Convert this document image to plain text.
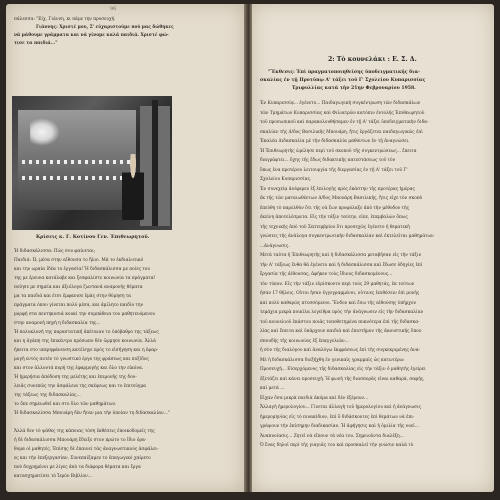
96
πάλεσσα: "Είχ, Γιάννη, κι πάμε την προσευχή.
Γιάννης: Χριστέ μου, Σ' εύχαριστούμε πού μας δώθηκες
νά μάθουμε γράμματα και νά γίνομε καλά παιδιά. Χριστέ φώ-
τισε τα παιδιά..."
Κρίσεις κ. Γ. Κοτίνου Γεν. Έπιθεωρητοῦ.
Ἡ διδασκάλισσα: Πώς σου φαίνεται;
Παιδιά: Ὦ, μέσα στην αἴθουσα το ἥλιο. Μά το ἐκδιαλυτικό
και την ωραία ἰδέα το ἐργασία! Ἡ διδασκάλισσα με ποίες του
της με ἐρευνα κατάλαβε και ξεσφαλίστε κοινωνία τα πράγματα!
ποίησε με σημεία και ἀξιόλογα ζωντανά αναμονής θέματα
μα τα παιδιά και έτσι ἐμφανισε ἐμὰς στην θύμηση τα
πράγματα όπου γίνεται πολύ μέσα, και ἀμίλητο παιδίο την
μορφή στα πεντηκοσιά κουκί την συμπάθεια του μαθητευόμενου
στην αναμονή πηγή η διδασκαλία της...
Ἡ πολυκλονή της παραστατική ἀπέταιαν το ὑπόβαθρο της τάξεως
και η ἀγάπη της ἐπικέντρο πρόσωπο δὲν ὥρμησε κοινωνία. Ἀλλά
ἠπειτα στο υπερηφάνευση κατέληγε πρός το εἰσήγηση και η ἐφαρ-
μογή εντός αυτὲν τό γνωστικό έργο της φράσεως και πυξίδος
και στον ἀλλοντά πυρή της ἐφαρμογής και ὄλο την εἰκόνα.
Ἡ ἡμερήσια ἀπόδοση της μελέτης και ἐπιμονῆς της δου-
λειᾶς συνεπῶς την ἀσφάλεια της σκέψεως και το ἐπιτεύγμα
της τάξεως της διδασκαλίας...
το ὅπε σημειωθεῖ και στο ὅλο τῶν μαθημάτων.
Ἡ διδασκαλίσσα Μπουάρη δὲν ἤταν μια τὴν ὁποίαν τη διδασκαλίαν..."
Ἀλλά δεν τὸ ψάθες της κάποιας τόση ἐκθέσεις ἐποικοδομεῖς της
ἡ δὲ διδασκάλισσα Μπουάρη ἔδειξε στον πρώτο το ἴδιο ὁρα-
θυμα οἱ μαθητές. Ἐπίσης δὲ ἐπαινεί τὰς ἀναγνωστικούς ἀσφάλει-
ες και τὴν ἐπεξεργασίαν. Συνεπαίξαμεν το ἐπαγωγικό χαίρετο
ποὺ δοχρημένοι με λίγες ἀπὸ τα διάφορα θέματα και ἔργα
κατασχηματίσει τὸ Ἱερὸν Βιβλίον...
2: Τὸ κουνελάκι : Ε. Σ. Δ.
"Ἔκθεσις: Ἐπὶ πραγματοποιηθείσης ὑποδειγματικῆς δια-
σκαλίας ἐν τῇ Προτύπῳ Α' τάξει τοῦ Γ' Σχολείου Κυπαρισσίας
Τριφυλλίας κατὰ τὴν 21ην Φεβρουαρίου 1958.
Ἐν Κυπαρισσίᾳ... ἐγένετο... Παιδαγωγική συγκέντρωση τῶν διδασκάλων
τῶν Τμημάτων Κυπαρισσίας καὶ Φιλιατρῶν κατόπιν ἐντολῆς Ἐπιθεωρητοῦ
τοῦ προσωπικοῦ καὶ παρακολουθήσαμεν ἐν τῇ Α' τάξει ὑποδειγματικὴν διδα-
σκαλίαν τῆς Δ/δος Βασιλικῆς Μπουάρη, ἥτις ἐργάζεται παιδαγωγικῶς ἐπὶ
Ἐκαλέα Διδασκαλία μὲ τὴν διδασκαλία μαθόντων ἐν τῇ ἀναγνώσει.
Ἡ Ἐπιθεωρητὴς ὡμίλησε περὶ τοῦ σκοποῦ τῆς συγκεντρώσεως... ἔπειτα
διαγράφτει... ὄχης τῆς ἕδως διδακτικῆς κατεστάσεως τοῦ τὸν
ὅπως ἐνα προτέρου λειτουργία τῆς διεργασίας ἐν τῇ Α' τάξει τοῦ Γ'
Σχολείου Κυπαρισσίας.
Ἐν συνεχείᾳ ἀνέφερεν ἐξ ἐπιλογῆς πρὸς ἑκάστην τῆς προτέρας ἡμέρας
ἐκ τῆς τῶν ματαιωθέντων Δ/δος Μπουάρη Βασιλικῆς, ἥτις εἶχε τὸν σκοπὸ
ἐπεύθη τὸ παρελθὸν ὅτι τῆς νὰ ἔων προφύλαξε ἀπὸ τὴν μέθοδον τῆς
ἐκεῖνη ἀποτελέσματα. Εἰς τὴν τάξιν ταύτην, εἶπε, ἐπεμβαλὼν ὅπως
τῆς τεχνικῆς ἀπὸ τοῦ Σεπτεμβρίου ὅτι προσεχῶς ἐγένετο ἡ θεματικὴ
γνώσεις τῆς ἀνάλογα συγκεντρωτικὴν διδασκαλίαν καὶ ἐκτελεῖται μαθημάτων
...ἀνάγνωσις.
Μετὰ ταῦτα ἡ Ἐπιθεωρητὴς καὶ ἡ διδασκάλισσα μεταβῆσαν εἰς τὴν τάξιν
τὴν Α' τάξεως ἔνθα θὰ ἐγένετο καὶ ἡ διδασκάλισσα καὶ ἔδωσε ὁδηγίες ἐπί
ἔργασία τῆς ἀίθουσας, ἀφῆκεν τοὺς ἴδιους διδασκομένους...
τὸν τύπον. Εἰς τὴν τάξιν εὑρίσκοντο περὶ τοὺς 29 μαθητάς, ἐκ τούτων
ἦσαν 17 θῆλεις. Οὗτοι ἦσαν ἐγγεγραμμένοι, οὗτινες ἐπιθέσειν ἐπὶ μονῆς
καὶ πολὺ καθαρῶς πτυσσόμενοι. Ἔνδον καὶ ἔσω τῆς αἰθούσης ὑπῆρχον
τεμάχια μικρὰ ποικίλα λεγείθρα πρὸς τὴν ἀνάγνωσιν εἰς τὴν διδασκαλίαν
τοῦ κουνελιοῦ ἐκάστου ποιᾶς τοποθετημένα πυκνότερα ἐπὶ τῆς διδασκα-
λίας καὶ ἔπειτα καὶ ὑπάρχουν παιδιὰ καὶ ἐπιστῆμον τῆς ἀκουστικῆς ὅπου
σπουδῆς τῆς κοινωνίας ἐξ ἐπαγγελιῶν...
ἡ σὺν τῆς διαλόγου καὶ ἀναλόγω ἐκφράσεως ἐπὶ τῆς συγκεκριμένης ἀνα-
Μὲ ἡ διδασκάλισσα διεξήχθη ἐν γενικαῖς γραμμαῖς ὡς κατωτέρω:
Προσευχή... Εἰσερχόμενος τῆς διδασκαλίας εἰς τὴν τάξιν ὁ μαθητής ἐγείρει
ἐξετάζει καὶ κάνει προσευχή. Ἡ φωνὴ τῆς διασπορᾶς εἶναι καθαρὰ, σαφής,
καὶ μετὰ ...
Εἶχαν ὅσα μικρὰ παιδιὰ ἀκόμα καὶ δὲν ἐξέρουν...
Ἄλλαγὴ ἡμερολογίου... Γίνεται ἀλλαγὴ τοῦ ἡμερολογίου καὶ ἡ ἀνάγνωσις
ἡμερομηνίας εἰς τὸ πινακίδιον, ἐπὶ ὃ διδάσκοντες ἐπὶ θεμάτων νὰ ἐπι-
γράψουν τὴν ἐπίσημην διαδικασίαν. Ἡ ἀφήγησις καὶ ἡ ὁμιλία τῆς νοεῖ...
Ἀναπνοίασις... Ζητεῖ νὰ εἴπουν τὰ νέα του. Σημειοῦντα διαλέξη...
Ὁ ἕνας δηλοῖ περὶ τῆς γιαγιᾶς του καὶ προσκαλεῖ τὴν γνώσιν καλὰ τὸ
